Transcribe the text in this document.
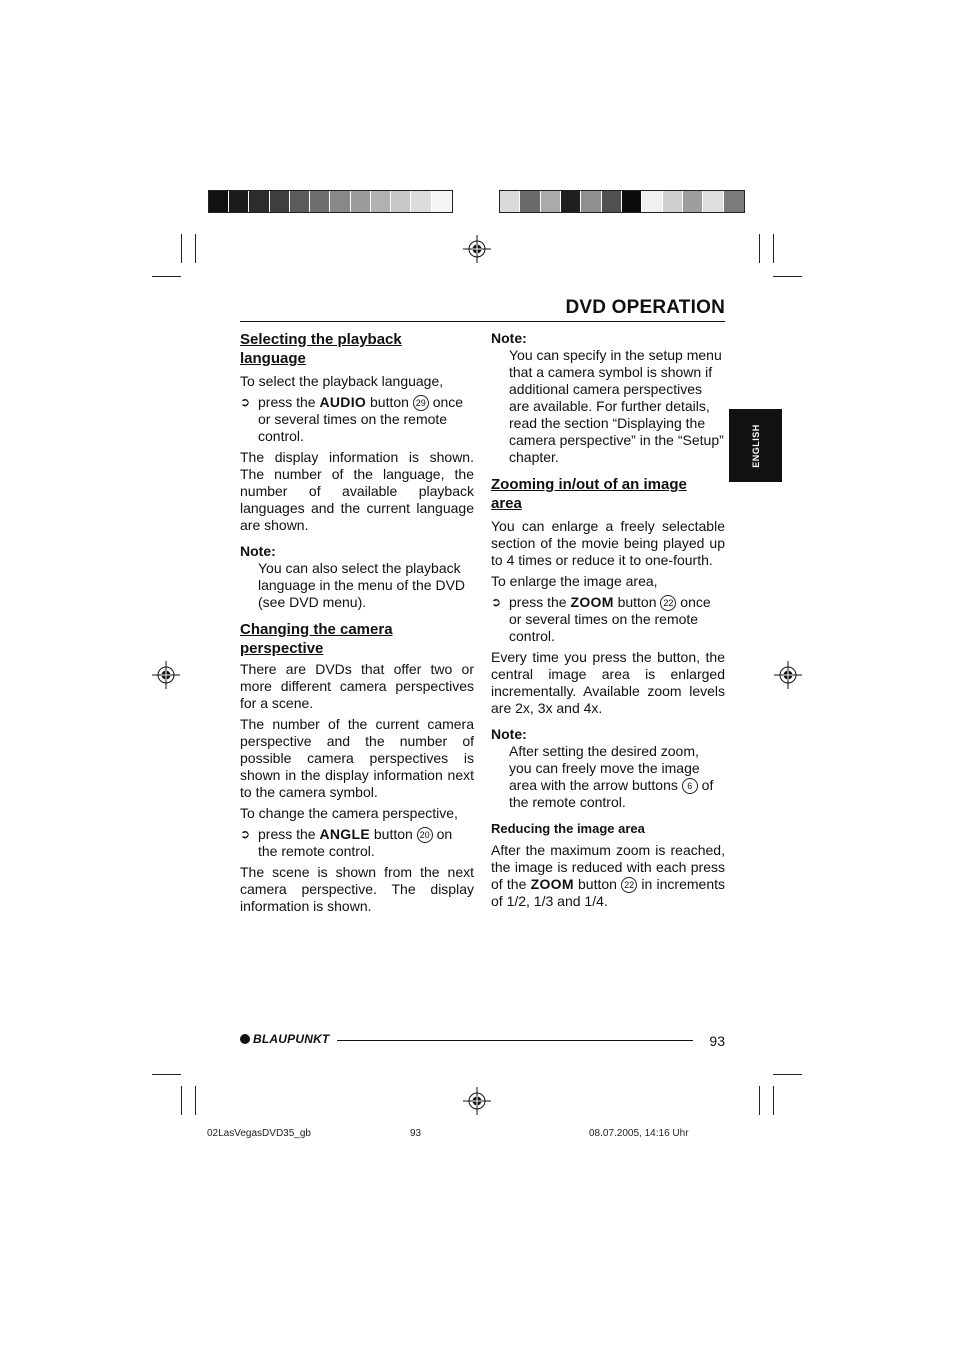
DVD OPERATION
ENGLISH
Selecting the playback
language

To select the playback language,

➲ press the AUDIO button 29 once or several times on the remote control.

The display information is shown. The number of the language, the number of available playback languages and the current language are shown.

Note:

You can also select the playback language in the menu of the DVD (see DVD menu).

Changing the camera
perspective

There are DVDs that offer two or more different camera perspectives for a scene.

The number of the current camera perspective and the number of possible camera perspectives is shown in the display information next to the camera symbol.

To change the camera perspective,

➲ press the ANGLE button 20 on the remote control.

The scene is shown from the next camera perspective. The display information is shown.

Note:

You can specify in the setup menu that a camera symbol is shown if additional camera perspectives are available. For further details, read the section “Displaying the camera perspective” in the “Setup” chapter.

Zooming in/out of an image
area

You can enlarge a freely selectable section of the movie being played up to 4 times or reduce it to one-fourth.

To enlarge the image area,

➲ press the ZOOM button 22 once or several times on the remote control.

Every time you press the button, the central image area is enlarged incrementally. Available zoom levels are 2x, 3x and 4x.

Note:

After setting the desired zoom, you can freely move the image area with the arrow buttons 6 of the remote control.

Reducing the image area

After the maximum zoom is reached, the image is reduced with each press of the ZOOM button 22 in increments of 1/2, 1/3 and 1/4.

BLAUPUNKT	93
02LasVegasDVD35_gb	93	08.07.2005, 14:16 Uhr
